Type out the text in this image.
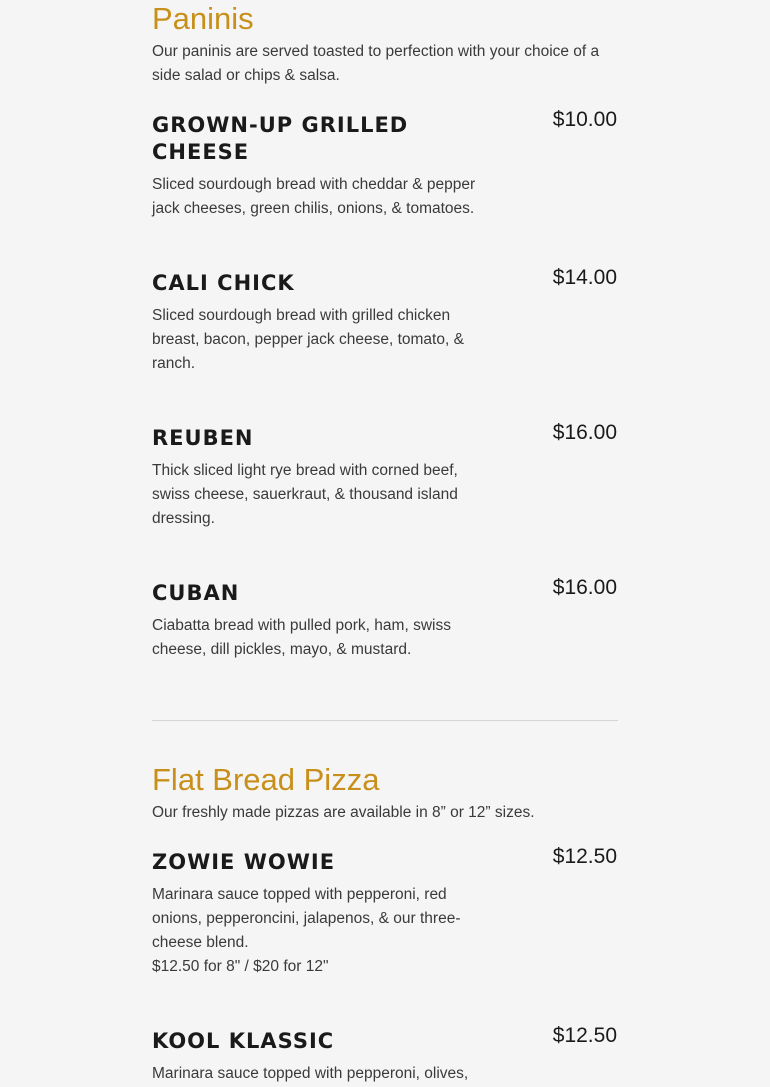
Paninis

Our paninis are served toasted to perfection with your choice of a side salad or chips & salsa.

GROWN-UP GRILLED CHEESE
$10.00

Sliced sourdough bread with cheddar & pepper jack cheeses, green chilis, onions, & tomatoes.

CALI CHICK	$14.00

Sliced sourdough bread with grilled chicken breast, bacon, pepper jack cheese, tomato, & ranch.

REUBEN	$16.00

Thick sliced light rye bread with corned beef, swiss cheese, sauerkraut, & thousand island dressing.

CUBAN	$16.00

Ciabatta bread with pulled pork, ham, swiss cheese, dill pickles, mayo, & mustard.

Flat Bread Pizza

Our freshly made pizzas are available in 8” or 12” sizes.

ZOWIE WOWIE	$12.50

Marinara sauce topped with pepperoni, red onions, pepperoncini, jalapenos, & our three-cheese blend.

$12.50 for 8" / $20 for 12"

KOOL KLASSIC	$12.50

Marinara sauce topped with pepperoni, olives,
